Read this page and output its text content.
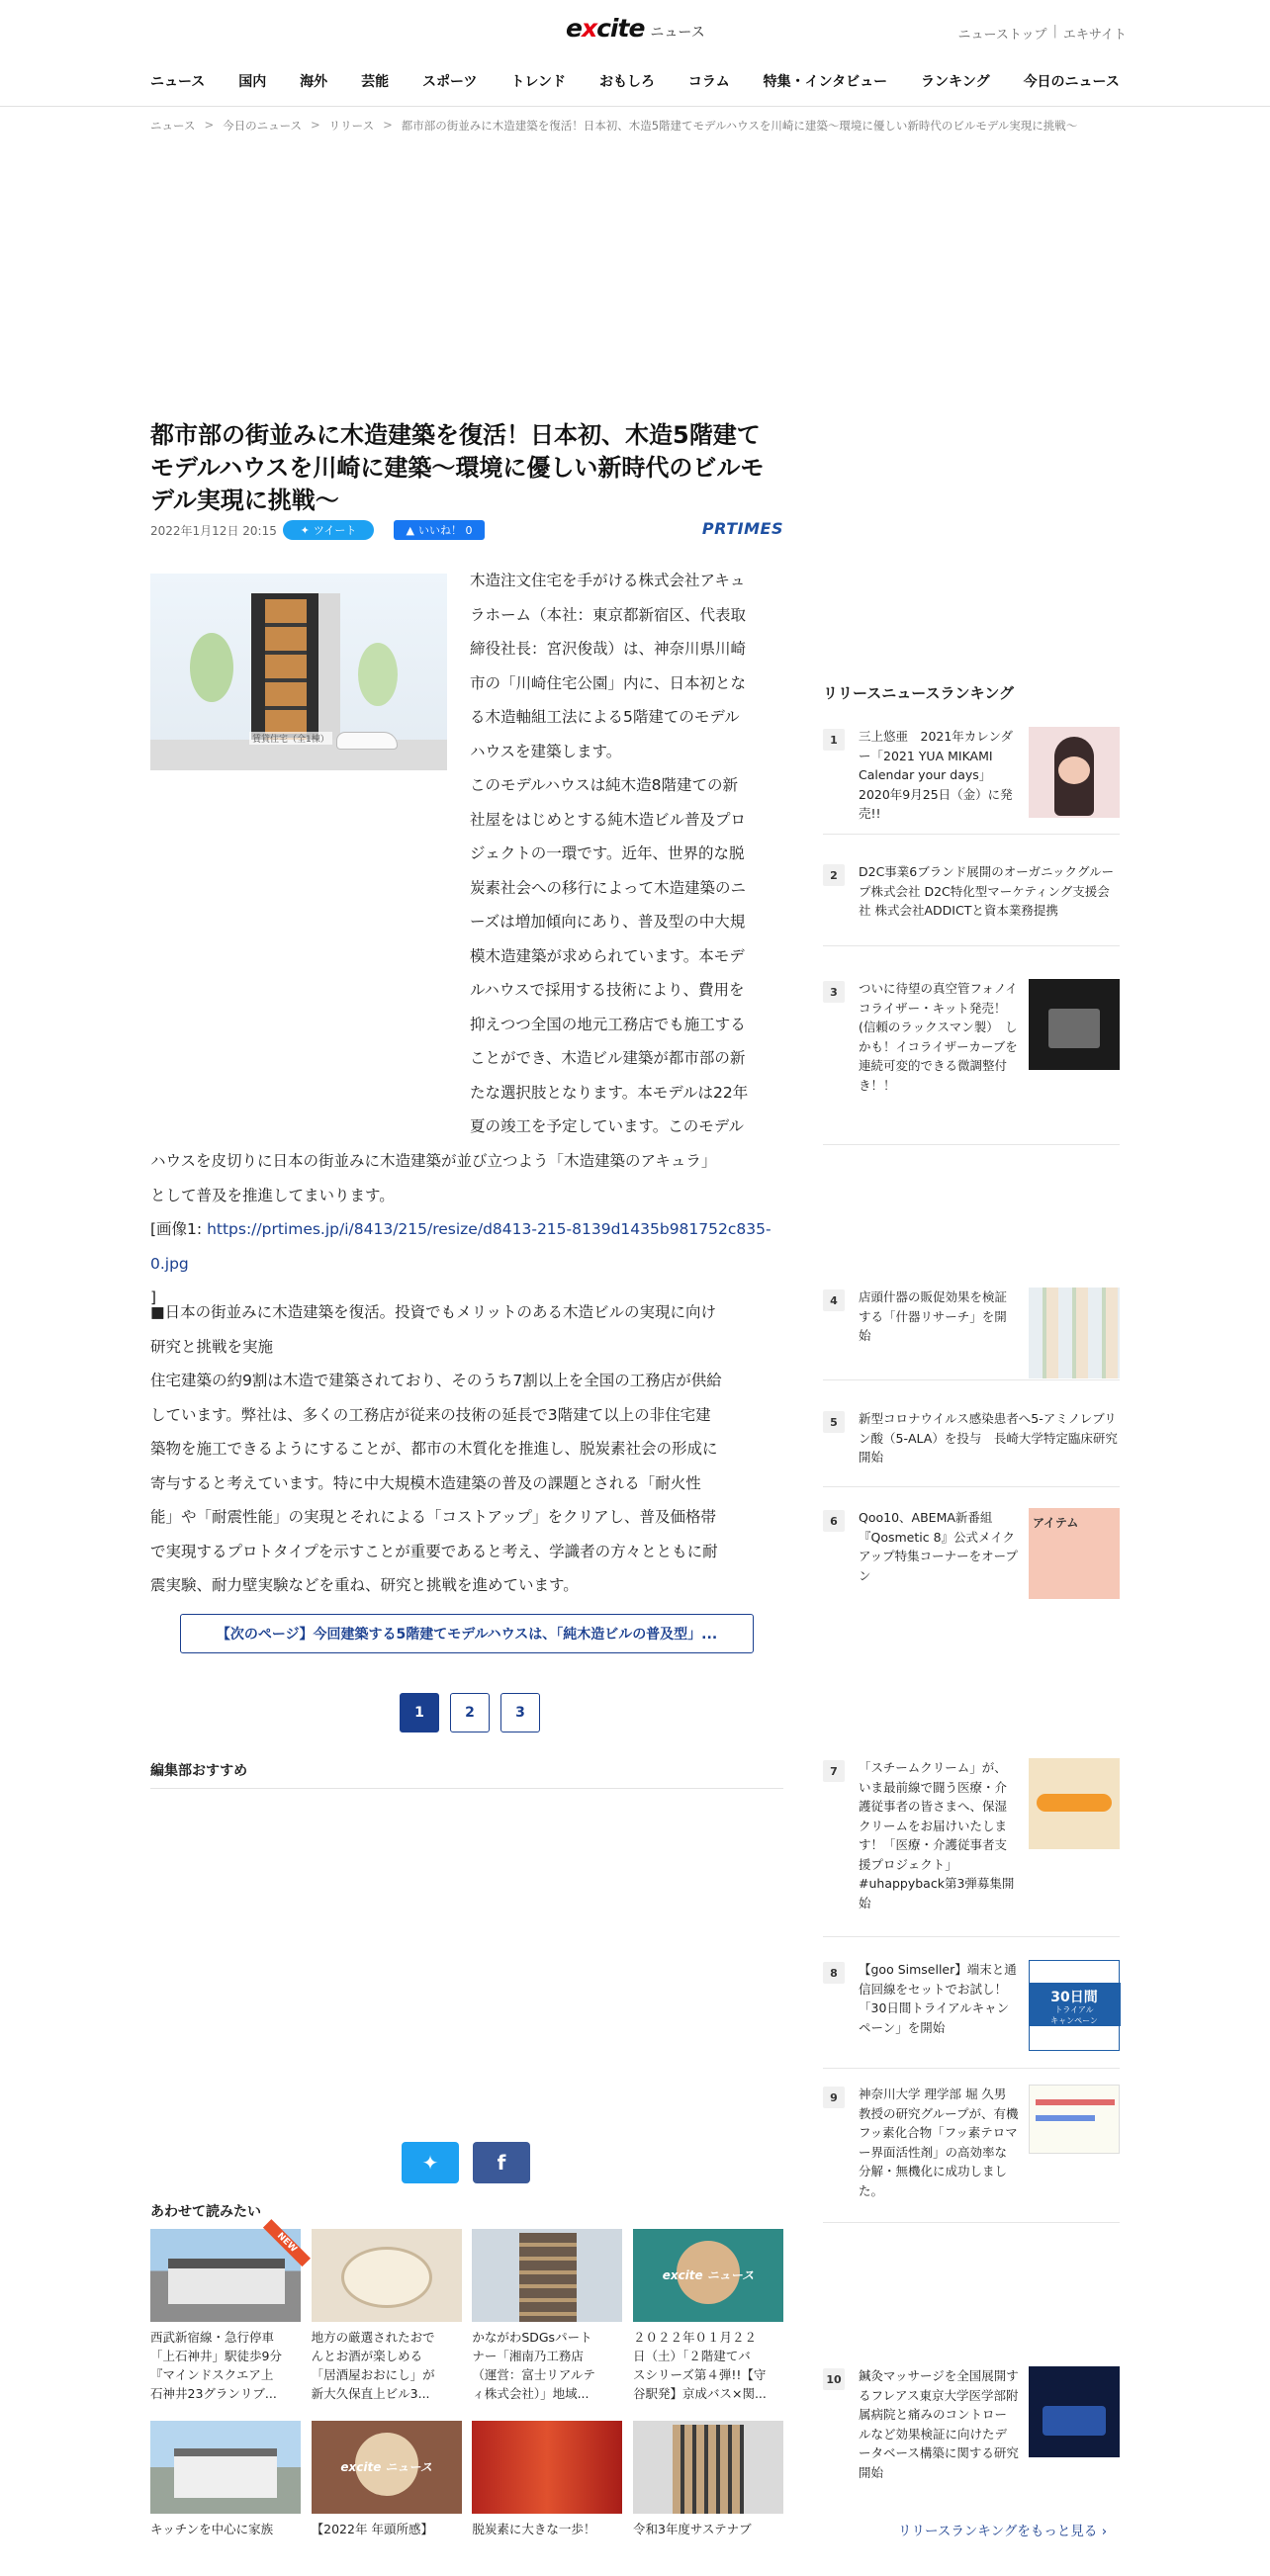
excite ニュース	ニューストップ | エキサイト
ニュース 国内 海外 芸能 スポーツ トレンド おもしろ コラム 特集・インタビュー ランキング 今日のニュース
ニュース > 今日のニュース > リリース > 都市部の街並みに木造建築を復活！日本初、木造5階建てモデルハウスを川崎に建築～環境に優しい新時代のビルモデル実現に挑戦～
都市部の街並みに木造建築を復活！日本初、木造5階建てモデルハウスを川崎に建築～環境に優しい新時代のビルモデル実現に挑戦～
2022年1月12日 20:15 ✦ ツイート	▲ いいね！ 0	PRTIMES
賃貸住宅（全1棟）
木造注文住宅を手がける株式会社アキュ
ラホーム（本社：東京都新宿区、代表取
締役社長：宮沢俊哉）は、神奈川県川崎
市の「川崎住宅公園」内に、日本初とな
る木造軸組工法による5階建てのモデル
ハウスを建築します。
このモデルハウスは純木造8階建ての新
社屋をはじめとする純木造ビル普及プロ
ジェクトの一環です。近年、世界的な脱
炭素社会への移行によって木造建築のニ
ーズは増加傾向にあり、普及型の中大規
模木造建築が求められています。本モデ
ルハウスで採用する技術により、費用を
抑えつつ全国の地元工務店でも施工する
ことができ、木造ビル建築が都市部の新
たな選択肢となります。本モデルは22年
夏の竣工を予定しています。このモデル
ハウスを皮切りに日本の街並みに木造建築が並び立つよう「木造建築のアキュラ」
として普及を推進してまいります。
[画像1: https://prtimes.jp/i/8413/215/resize/d8413-215-8139d1435b981752c835-0.jpg
]
■日本の街並みに木造建築を復活。投資でもメリットのある木造ビルの実現に向け
研究と挑戦を実施
住宅建築の約9割は木造で建築されており、そのうち7割以上を全国の工務店が供給
しています。弊社は、多くの工務店が従来の技術の延長で3階建て以上の非住宅建
築物を施工できるようにすることが、都市の木質化を推進し、脱炭素社会の形成に
寄与すると考えています。特に中大規模木造建築の普及の課題とされる「耐火性
能」や「耐震性能」の実現とそれによる「コストアップ」をクリアし、普及価格帯
で実現するプロトタイプを示すことが重要であると考え、学識者の方々とともに耐
震実験、耐力壁実験などを重ね、研究と挑戦を進めています。
【次のページ】今回建築する5階建てモデルハウスは、「純木造ビルの普及型」...
1	2	3
編集部おすすめ
✦	f
あわせて読みたい
NEW
西武新宿線・急行停車
「上石神井」駅徒歩9分
『マインドスクエア上
石神井23グランリブ...
地方の厳選されたおで
んとお酒が楽しめる
「居酒屋おおにし」が
新大久保直上ビル3...
かながわSDGsパート
ナー「湘南乃工務店
（運営：富士リアルテ
ィ株式会社）」地域...
excite ニュース
２０２２年０１月２２
日（土）「２階建てバ
スシリーズ第４弾!!【守
谷駅発】京成バス×関...
キッチンを中心に家族
excite ニュース
【2022年 年頭所感】	脱炭素に大きな一歩！	令和3年度サステナブ
リリースニュースランキング
1	三上悠亜　2021年カレンダー「2021 YUA MIKAMI Calendar your days」2020年9月25日（金）に発売!!
2	D2C事業6ブランド展開のオーガニックグループ株式会社 D2C特化型マーケティング支援会社 株式会社ADDICTと資本業務提携
3	ついに待望の真空管フォノイコライザー・キット発売！(信頼のラックスマン製）　しかも！イコライザーカーブを連続可変的できる微調整付き！！
4	店頭什器の販促効果を検証する「什器リサーチ」を開始
5	新型コロナウイルス感染患者へ5-アミノレブリン酸（5-ALA）を投与　長崎大学特定臨床研究開始
6	Qoo10、ABEMA新番組『Qosmetic 8』公式メイクアップ特集コーナーをオープン
アイテム
7	「スチームクリーム」が、いま最前線で闘う医療・介護従事者の皆さまへ、保湿クリームをお届けいたします！「医療・介護従事者支援プロジェクト」#uhappyback第3弾募集開始
8	【goo Simseller】端末と通信回線をセットでお試し！「30日間トライアルキャンペーン」を開始
30日間
トライアル
キャンペーン
9	神奈川大学 理学部 堀 久男 教授の研究グループが、有機フッ素化合物「フッ素テロマー界面活性剤」の高効率な分解・無機化に成功しました。
10 鍼灸マッサージを全国展開するフレアス東京大学医学部附属病院と痛みのコントロールなど効果検証に向けたデータベース構築に関する研究開始
リリースランキングをもっと見る ›
